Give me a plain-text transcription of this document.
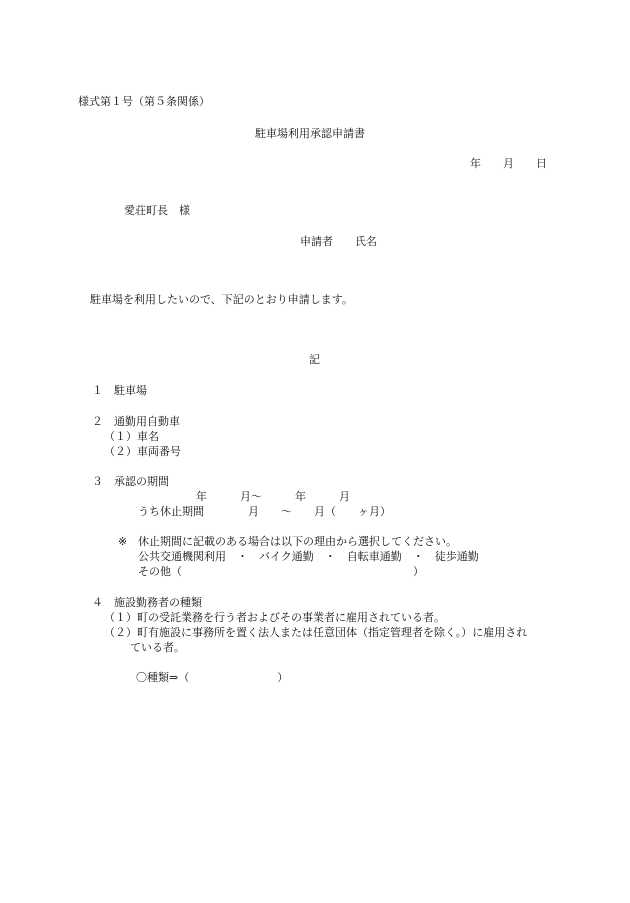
様式第１号（第５条関係）
駐車場利用承認申請書
年　　月　　日
愛荘町長　様
申請者　　氏名
駐車場を利用したいので、下記のとおり申請します。
記
１　駐車場
２　通勤用自動車
（１）車名
（２）車両番号
３　承認の期間
年　　　月～　　　年　　　月
うち休止期間　　　　月　　～　　月（　　ヶ月）
※ 休止期間に記載のある場合は以下の理由から選択してください。
公共交通機関利用　・　バイク通勤　・　自転車通勤　・　徒歩通勤
その他（　　　　　　　　　　　　　　　　　　　　　）
４　施設勤務者の種類
（１）町の受託業務を行う者およびその事業者に雇用されている者。
（２）町有施設に事務所を置く法人または任意団体（指定管理者を除く。）に雇用され
ている者。
〇種類⇒（　　　　　　　　）
